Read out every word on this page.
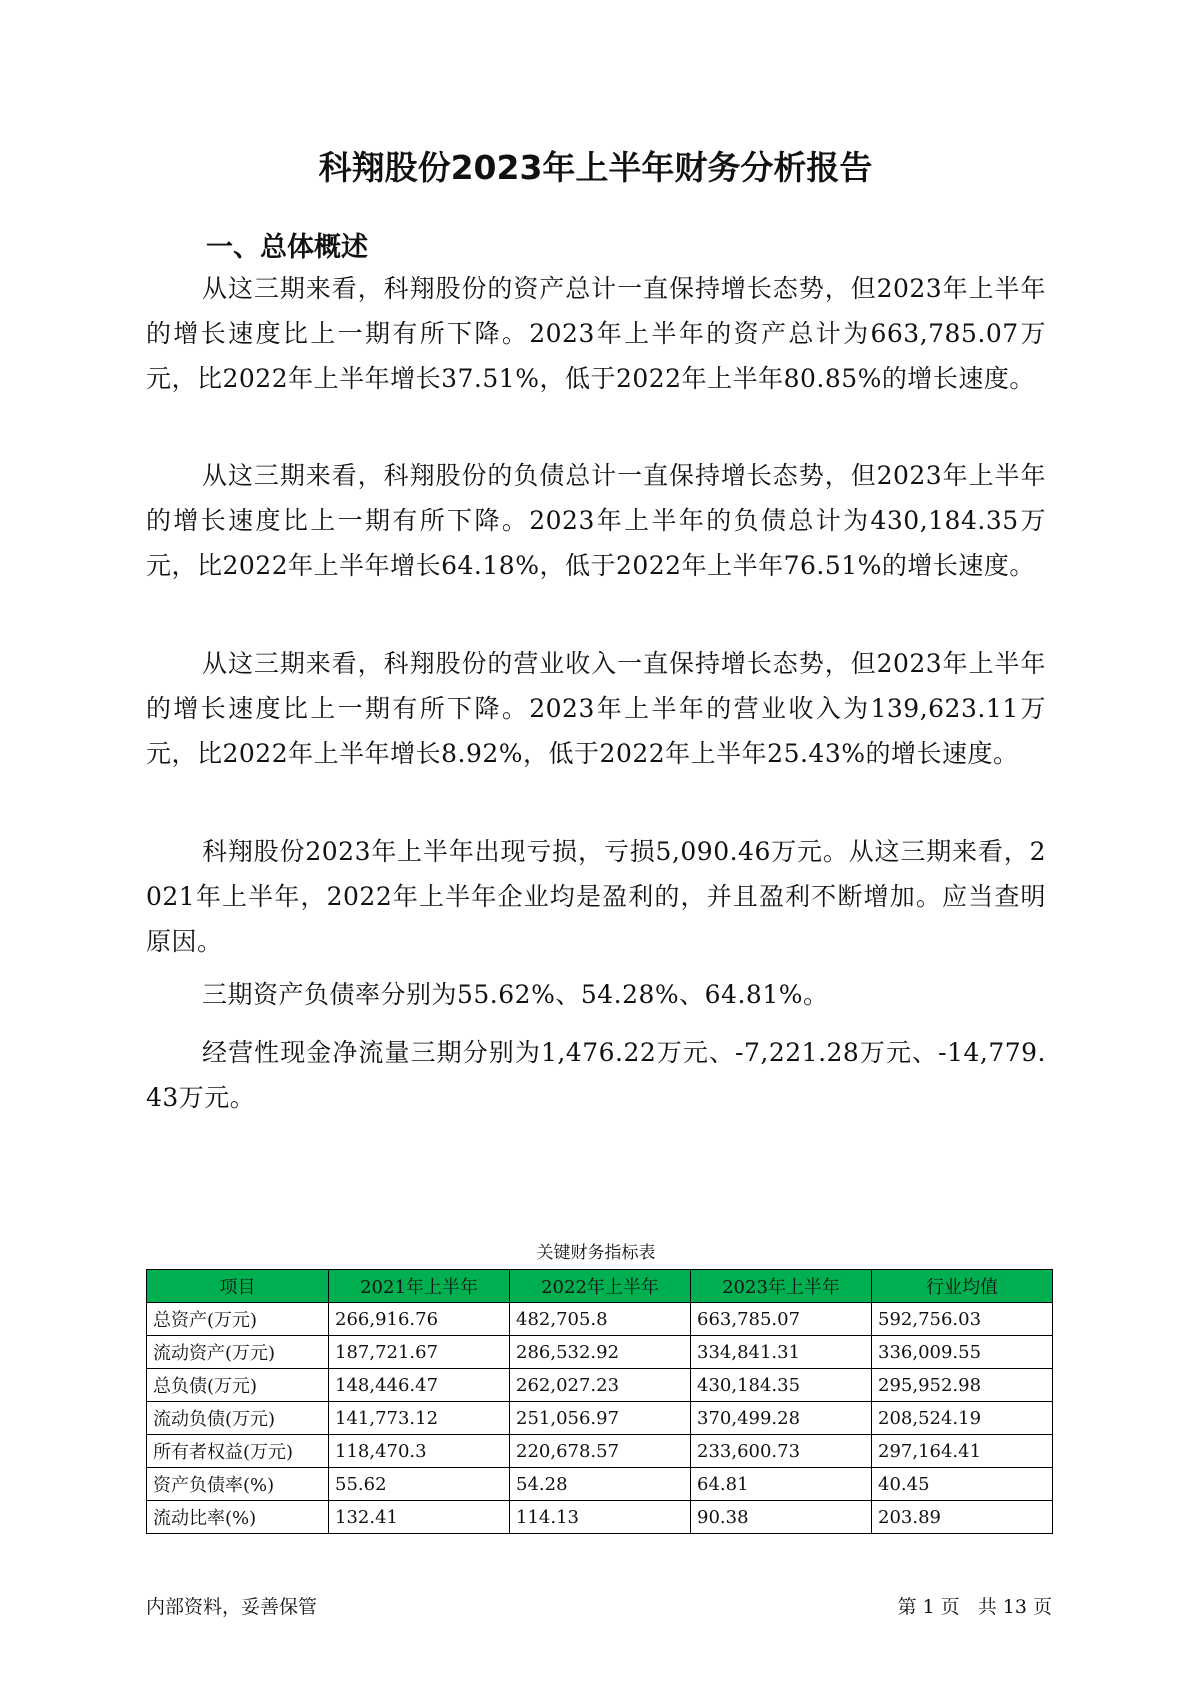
科翔股份2023年上半年财务分析报告
一、总体概述

从这三期来看，科翔股份的资产总计一直保持增长态势，但2023年上半年的增长速度比上一期有所下降。2023年上半年的资产总计为663,785.07万元，比2022年上半年增长37.51%，低于2022年上半年80.85%的增长速度。

从这三期来看，科翔股份的负债总计一直保持增长态势，但2023年上半年的增长速度比上一期有所下降。2023年上半年的负债总计为430,184.35万元，比2022年上半年增长64.18%，低于2022年上半年76.51%的增长速度。

从这三期来看，科翔股份的营业收入一直保持增长态势，但2023年上半年的增长速度比上一期有所下降。2023年上半年的营业收入为139,623.11万元，比2022年上半年增长8.92%，低于2022年上半年25.43%的增长速度。

科翔股份2023年上半年出现亏损，亏损5,090.46万元。从这三期来看，2021年上半年，2022年上半年企业均是盈利的，并且盈利不断增加。应当查明原因。

三期资产负债率分别为55.62%、54.28%、64.81%。

经营性现金净流量三期分别为1,476.22万元、-7,221.28万元、-14,779.43万元。

关键财务指标表
项目	2021年上半年	2022年上半年	2023年上半年	行业均值
总资产(万元)	266,916.76	482,705.8	663,785.07	592,756.03
流动资产(万元)	187,721.67	286,532.92	334,841.31	336,009.55
总负债(万元)	148,446.47	262,027.23	430,184.35	295,952.98
流动负债(万元)	141,773.12	251,056.97	370,499.28	208,524.19
所有者权益(万元)	118,470.3	220,678.57	233,600.73	297,164.41
资产负债率(%)	55.62	54.28	64.81	40.45
流动比率(%)	132.41	114.13	90.38	203.89
内部资料，妥善保管	第 1 页   共 13 页
